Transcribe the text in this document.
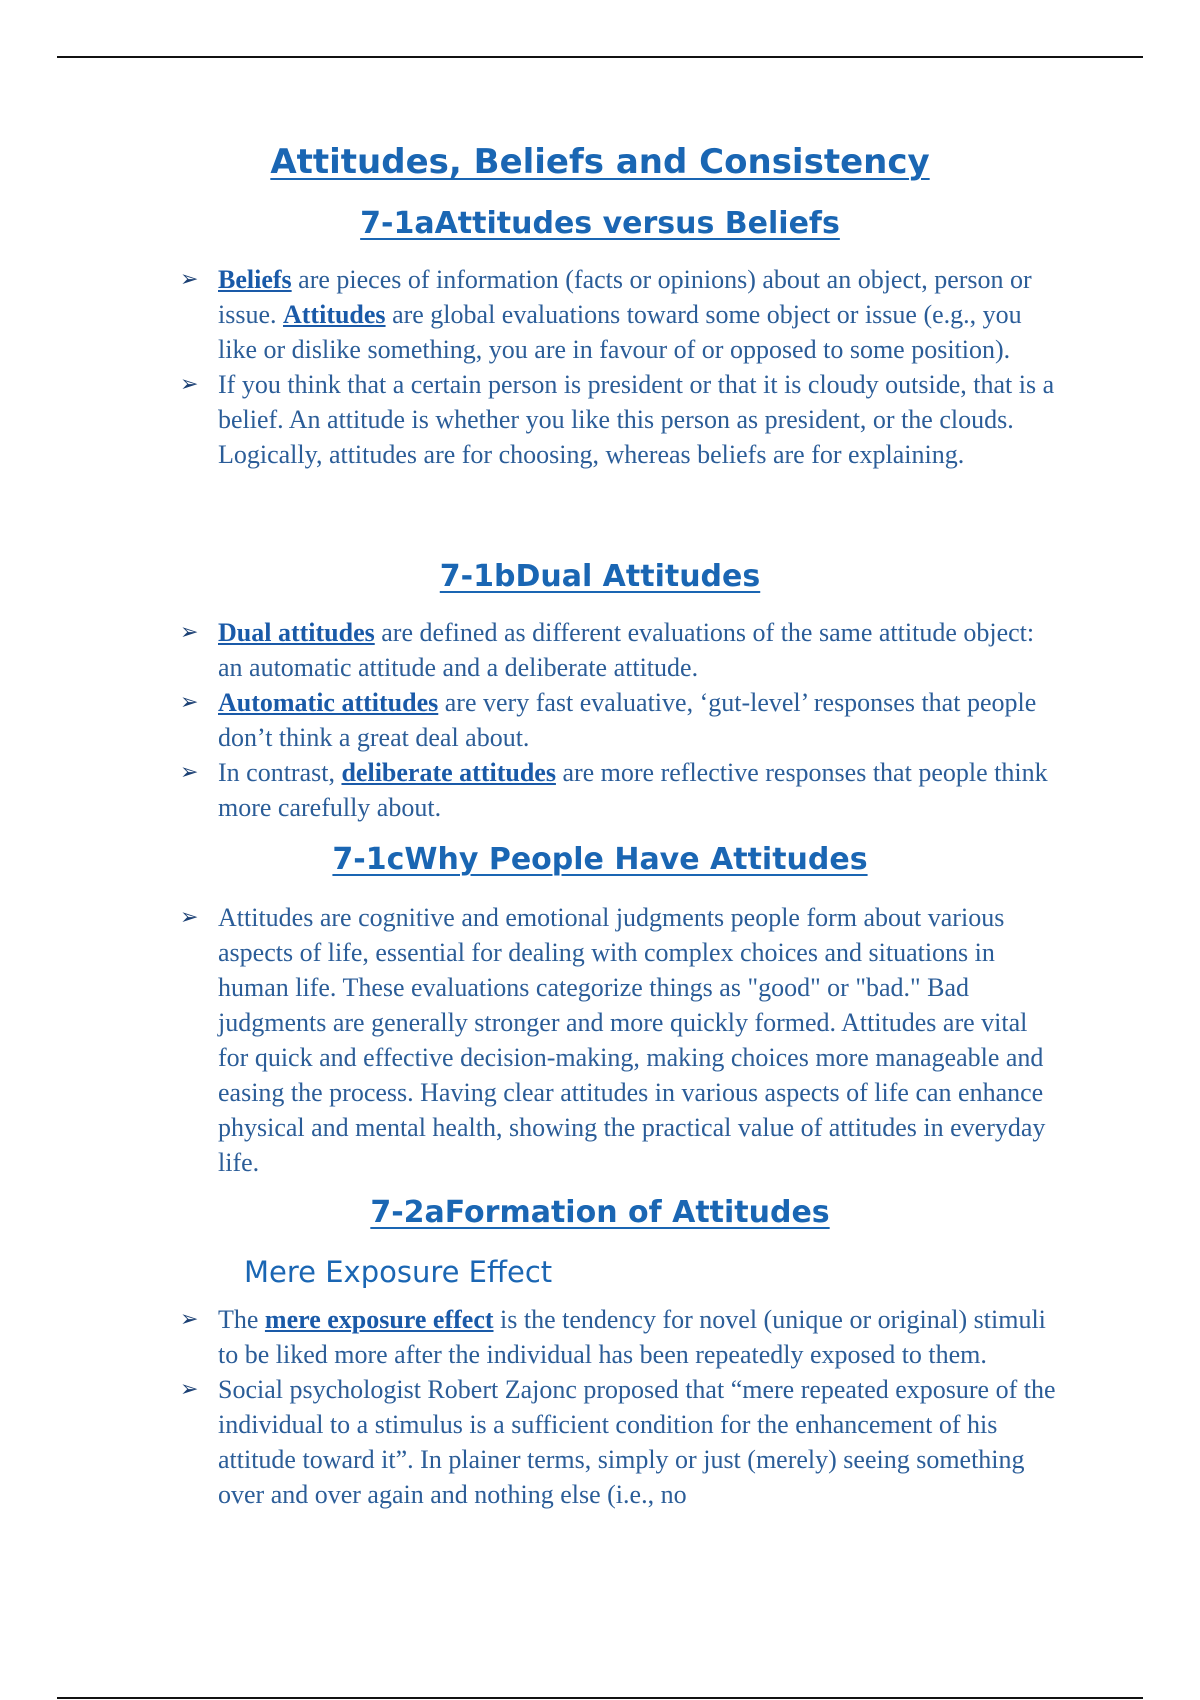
Attitudes, Beliefs and Consistency
7-1aAttitudes versus Beliefs
➢ Beliefs are pieces of information (facts or opinions) about an object, person or issue. Attitudes are global evaluations toward some object or issue (e.g., you like or dislike something, you are in favour of or opposed to some position).
➢ If you think that a certain person is president or that it is cloudy outside, that is a belief. An attitude is whether you like this person as president, or the clouds. Logically, attitudes are for choosing, whereas beliefs are for explaining.
7-1bDual Attitudes
➢ Dual attitudes are defined as different evaluations of the same attitude object: an automatic attitude and a deliberate attitude.
➢ Automatic attitudes are very fast evaluative, ‘gut-level’ responses that people don’t think a great deal about.
➢ In contrast, deliberate attitudes are more reflective responses that people think more carefully about.
7-1cWhy People Have Attitudes
➢ Attitudes are cognitive and emotional judgments people form about various aspects of life, essential for dealing with complex choices and situations in human life. These evaluations categorize things as "good" or "bad." Bad judgments are generally stronger and more quickly formed. Attitudes are vital for quick and effective decision-making, making choices more manageable and easing the process. Having clear attitudes in various aspects of life can enhance physical and mental health, showing the practical value of attitudes in everyday life.
7-2aFormation of Attitudes
Mere Exposure Effect
➢ The mere exposure effect is the tendency for novel (unique or original) stimuli to be liked more after the individual has been repeatedly exposed to them.
➢ Social psychologist Robert Zajonc proposed that “mere repeated exposure of the individual to a stimulus is a sufficient condition for the enhancement of his attitude toward it”. In plainer terms, simply or just (merely) seeing something over and over again and nothing else (i.e., no
